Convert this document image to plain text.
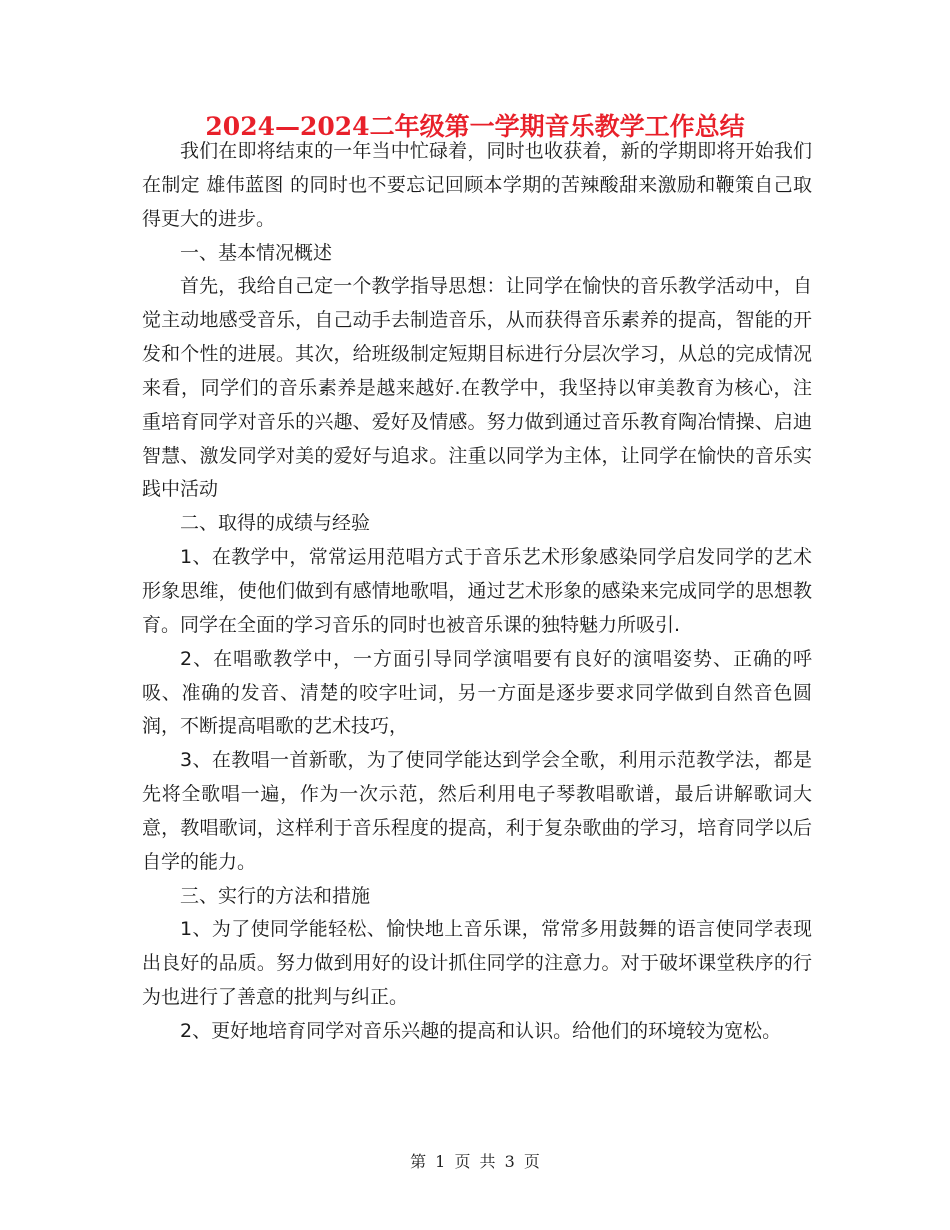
2024—2024二年级第一学期音乐教学工作总结

我们在即将结束的一年当中忙碌着，同时也收获着，新的学期即将开始我们在制定 雄伟蓝图 的同时也不要忘记回顾本学期的苦辣酸甜来激励和鞭策自己取得更大的进步。

一、基本情况概述

首先，我给自己定一个教学指导思想：让同学在愉快的音乐教学活动中，自觉主动地感受音乐，自己动手去制造音乐，从而获得音乐素养的提高，智能的开发和个性的进展。其次，给班级制定短期目标进行分层次学习，从总的完成情况来看，同学们的音乐素养是越来越好.在教学中，我坚持以审美教育为核心，注重培育同学对音乐的兴趣、爱好及情感。努力做到通过音乐教育陶冶情操、启迪智慧、激发同学对美的爱好与追求。注重以同学为主体，让同学在愉快的音乐实践中活动

二、取得的成绩与经验

1、在教学中，常常运用范唱方式于音乐艺术形象感染同学启发同学的艺术形象思维，使他们做到有感情地歌唱，通过艺术形象的感染来完成同学的思想教育。同学在全面的学习音乐的同时也被音乐课的独特魅力所吸引.

2、在唱歌教学中，一方面引导同学演唱要有良好的演唱姿势、正确的呼吸、准确的发音、清楚的咬字吐词，另一方面是逐步要求同学做到自然音色圆润，不断提高唱歌的艺术技巧，

3、在教唱一首新歌，为了使同学能达到学会全歌，利用示范教学法，都是先将全歌唱一遍，作为一次示范，然后利用电子琴教唱歌谱，最后讲解歌词大意，教唱歌词，这样利于音乐程度的提高，利于复杂歌曲的学习，培育同学以后自学的能力。

三、实行的方法和措施

1、为了使同学能轻松、愉快地上音乐课，常常多用鼓舞的语言使同学表现出良好的品质。努力做到用好的设计抓住同学的注意力。对于破坏课堂秩序的行为也进行了善意的批判与纠正。

2、更好地培育同学对音乐兴趣的提高和认识。给他们的环境较为宽松。

第 1 页 共 3 页
